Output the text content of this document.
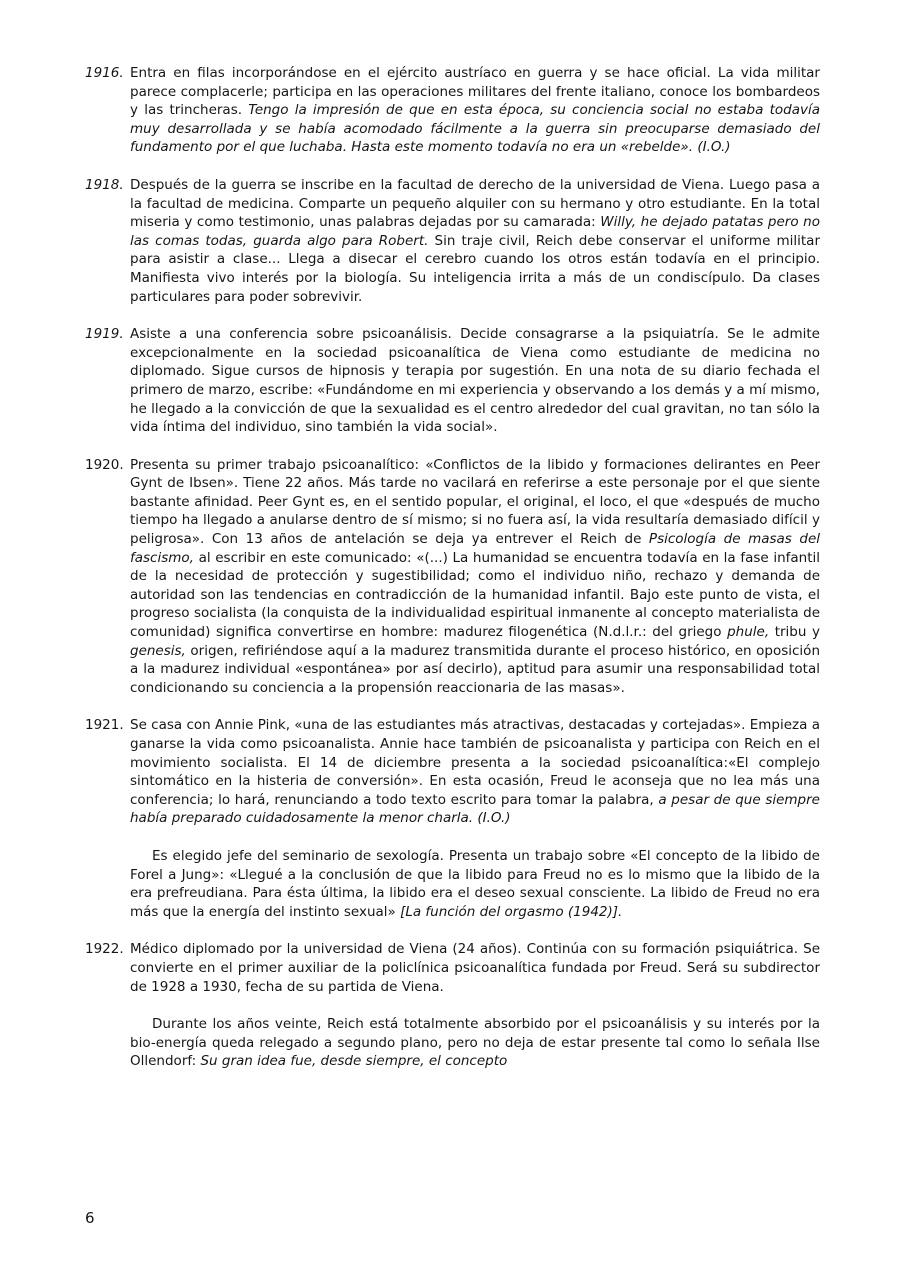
1916. Entra en filas incorporándose en el ejército austríaco en guerra y se hace oficial. La vida militar parece complacerle; participa en las operaciones militares del frente italiano, conoce los bombardeos y las trincheras. Tengo la impresión de que en esta época, su conciencia social no estaba todavía muy desarrollada y se había acomodado fácilmente a la guerra sin preocuparse demasiado del fundamento por el que luchaba. Hasta este momento todavía no era un «rebelde». (I.O.)

1918. Después de la guerra se inscribe en la facultad de derecho de la universidad de Viena. Luego pasa a la facultad de medicina. Comparte un pequeño alquiler con su hermano y otro estudiante. En la total miseria y como testimonio, unas palabras dejadas por su camarada: Willy, he dejado patatas pero no las comas todas, guarda algo para Robert. Sin traje civil, Reich debe conservar el uniforme militar para asistir a clase... Llega a disecar el cerebro cuando los otros están todavía en el principio. Manifiesta vivo interés por la biología. Su inteligencia irrita a más de un condiscípulo. Da clases particulares para poder sobrevivir.

1919. Asiste a una conferencia sobre psicoanálisis. Decide consagrarse a la psiquiatría. Se le admite excepcionalmente en la sociedad psicoanalítica de Viena como estudiante de medicina no diplomado. Sigue cursos de hipnosis y terapia por sugestión. En una nota de su diario fechada el primero de marzo, escribe: «Fundándome en mi experiencia y observando a los demás y a mí mismo, he llegado a la convicción de que la sexualidad es el centro alrededor del cual gravitan, no tan sólo la vida íntima del individuo, sino también la vida social».

1920. Presenta su primer trabajo psicoanalítico: «Conflictos de la libido y formaciones delirantes en Peer Gynt de Ibsen». Tiene 22 años. Más tarde no vacilará en referirse a este personaje por el que siente bastante afinidad. Peer Gynt es, en el sentido popular, el original, el loco, el que «después de mucho tiempo ha llegado a anularse dentro de sí mismo; si no fuera así, la vida resultaría demasiado difícil y peligrosa». Con 13 años de antelación se deja ya entrever el Reich de Psicología de masas del fascismo, al escribir en este comunicado: «(...) La humanidad se encuentra todavía en la fase infantil de la necesidad de protección y sugestibilidad; como el individuo niño, rechazo y demanda de autoridad son las tendencias en contradicción de la humanidad infantil. Bajo este punto de vista, el progreso socialista (la conquista de la individualidad espiritual inmanente al concepto materialista de comunidad) significa convertirse en hombre: madurez filogenética (N.d.l.r.: del griego phule, tribu y genesis, origen, refiriéndose aquí a la madurez transmitida durante el proceso histórico, en oposición a la madurez individual «espontánea» por así decirlo), aptitud para asumir una responsabilidad total condicionando su conciencia a la propensión reaccionaria de las masas».

1921. Se casa con Annie Pink, «una de las estudiantes más atractivas, destacadas y cortejadas». Empieza a ganarse la vida como psicoanalista. Annie hace también de psicoanalista y participa con Reich en el movimiento socialista. El 14 de diciembre presenta a la sociedad psicoanalítica:«El complejo sintomático en la histeria de conversión». En esta ocasión, Freud le aconseja que no lea más una conferencia; lo hará, renunciando a todo texto escrito para tomar la palabra, a pesar de que siempre había preparado cuidadosamente la menor charla. (I.O.)

Es elegido jefe del seminario de sexología. Presenta un trabajo sobre «El concepto de la libido de Forel a Jung»: «Llegué a la conclusión de que la libido para Freud no es lo mismo que la libido de la era prefreudiana. Para ésta última, la libido era el deseo sexual consciente. La libido de Freud no era más que la energía del instinto sexual» [La función del orgasmo (1942)].

1922. Médico diplomado por la universidad de Viena (24 años). Continúa con su formación psiquiátrica. Se convierte en el primer auxiliar de la policlínica psicoanalítica fundada por Freud. Será su subdirector de 1928 a 1930, fecha de su partida de Viena.

Durante los años veinte, Reich está totalmente absorbido por el psicoanálisis y su interés por la bio-energía queda relegado a segundo plano, pero no deja de estar presente tal como lo señala Ilse Ollendorf: Su gran idea fue, desde siempre, el concepto

6
